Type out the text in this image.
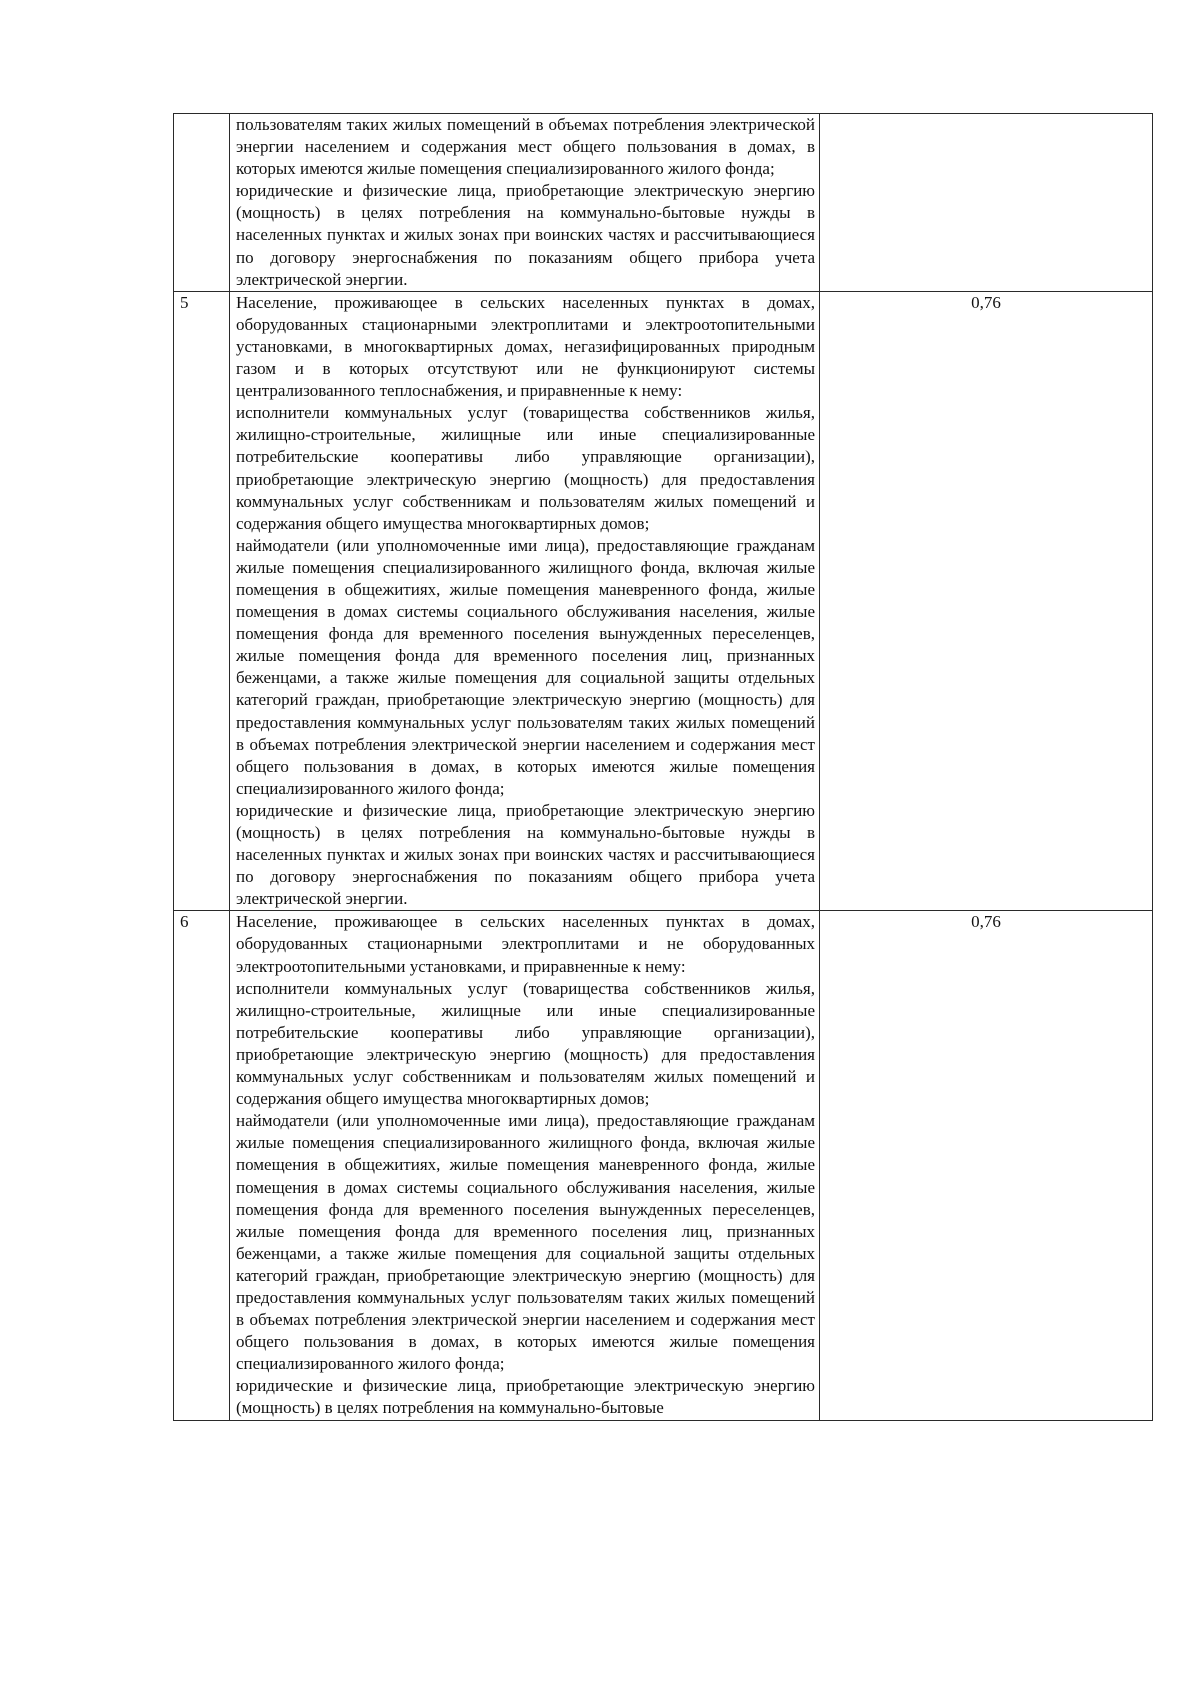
	пользователям таких жилых помещений в объемах потребления электрической энергии населением и содержания мест общего пользования в домах, в которых имеются жилые помещения специализированного жилого фонда;

юридические и физические лица, приобретающие электрическую энергию (мощность) в целях потребления на коммунально-бытовые нужды в населенных пунктах и жилых зонах при воинских частях и рассчитывающиеся по договору энергоснабжения по показаниям общего прибора учета электрической энергии.	

5	Население, проживающее в сельских населенных пунктах в домах, оборудованных стационарными электроплитами и электроотопительными установками, в многоквартирных домах, негазифицированных природным газом и в которых отсутствуют или не функционируют системы централизованного теплоснабжения, и приравненные к нему:

исполнители коммунальных услуг (товарищества собственников жилья, жилищно-строительные, жилищные или иные специализированные потребительские кооперативы либо управляющие организации), приобретающие электрическую энергию (мощность) для предоставления коммунальных услуг собственникам и пользователям жилых помещений и содержания общего имущества многоквартирных домов;

наймодатели (или уполномоченные ими лица), предоставляющие гражданам жилые помещения специализированного жилищного фонда, включая жилые помещения в общежитиях, жилые помещения маневренного фонда, жилые помещения в домах системы социального обслуживания населения, жилые помещения фонда для временного поселения вынужденных переселенцев, жилые помещения фонда для временного поселения лиц, признанных беженцами, а также жилые помещения для социальной защиты отдельных категорий граждан, приобретающие электрическую энергию (мощность) для предоставления коммунальных услуг пользователям таких жилых помещений в объемах потребления электрической энергии населением и содержания мест общего пользования в домах, в которых имеются жилые помещения специализированного жилого фонда;

юридические и физические лица, приобретающие электрическую энергию (мощность) в целях потребления на коммунально-бытовые нужды в населенных пунктах и жилых зонах при воинских частях и рассчитывающиеся по договору энергоснабжения по показаниям общего прибора учета электрической энергии.	0,76
6	Население, проживающее в сельских населенных пунктах в домах, оборудованных стационарными электроплитами и не оборудованных электроотопительными установками, и приравненные к нему:

исполнители коммунальных услуг (товарищества собственников жилья, жилищно-строительные, жилищные или иные специализированные потребительские кооперативы либо управляющие организации), приобретающие электрическую энергию (мощность) для предоставления коммунальных услуг собственникам и пользователям жилых помещений и содержания общего имущества многоквартирных домов;

наймодатели (или уполномоченные ими лица), предоставляющие гражданам жилые помещения специализированного жилищного фонда, включая жилые помещения в общежитиях, жилые помещения маневренного фонда, жилые помещения в домах системы социального обслуживания населения, жилые помещения фонда для временного поселения вынужденных переселенцев, жилые помещения фонда для временного поселения лиц, признанных беженцами, а также жилые помещения для социальной защиты отдельных категорий граждан, приобретающие электрическую энергию (мощность) для предоставления коммунальных услуг пользователям таких жилых помещений в объемах потребления электрической энергии населением и содержания мест общего пользования в домах, в которых имеются жилые помещения специализированного жилого фонда;

юридические и физические лица, приобретающие электрическую энергию (мощность) в целях потребления на коммунально-бытовые	0,76
